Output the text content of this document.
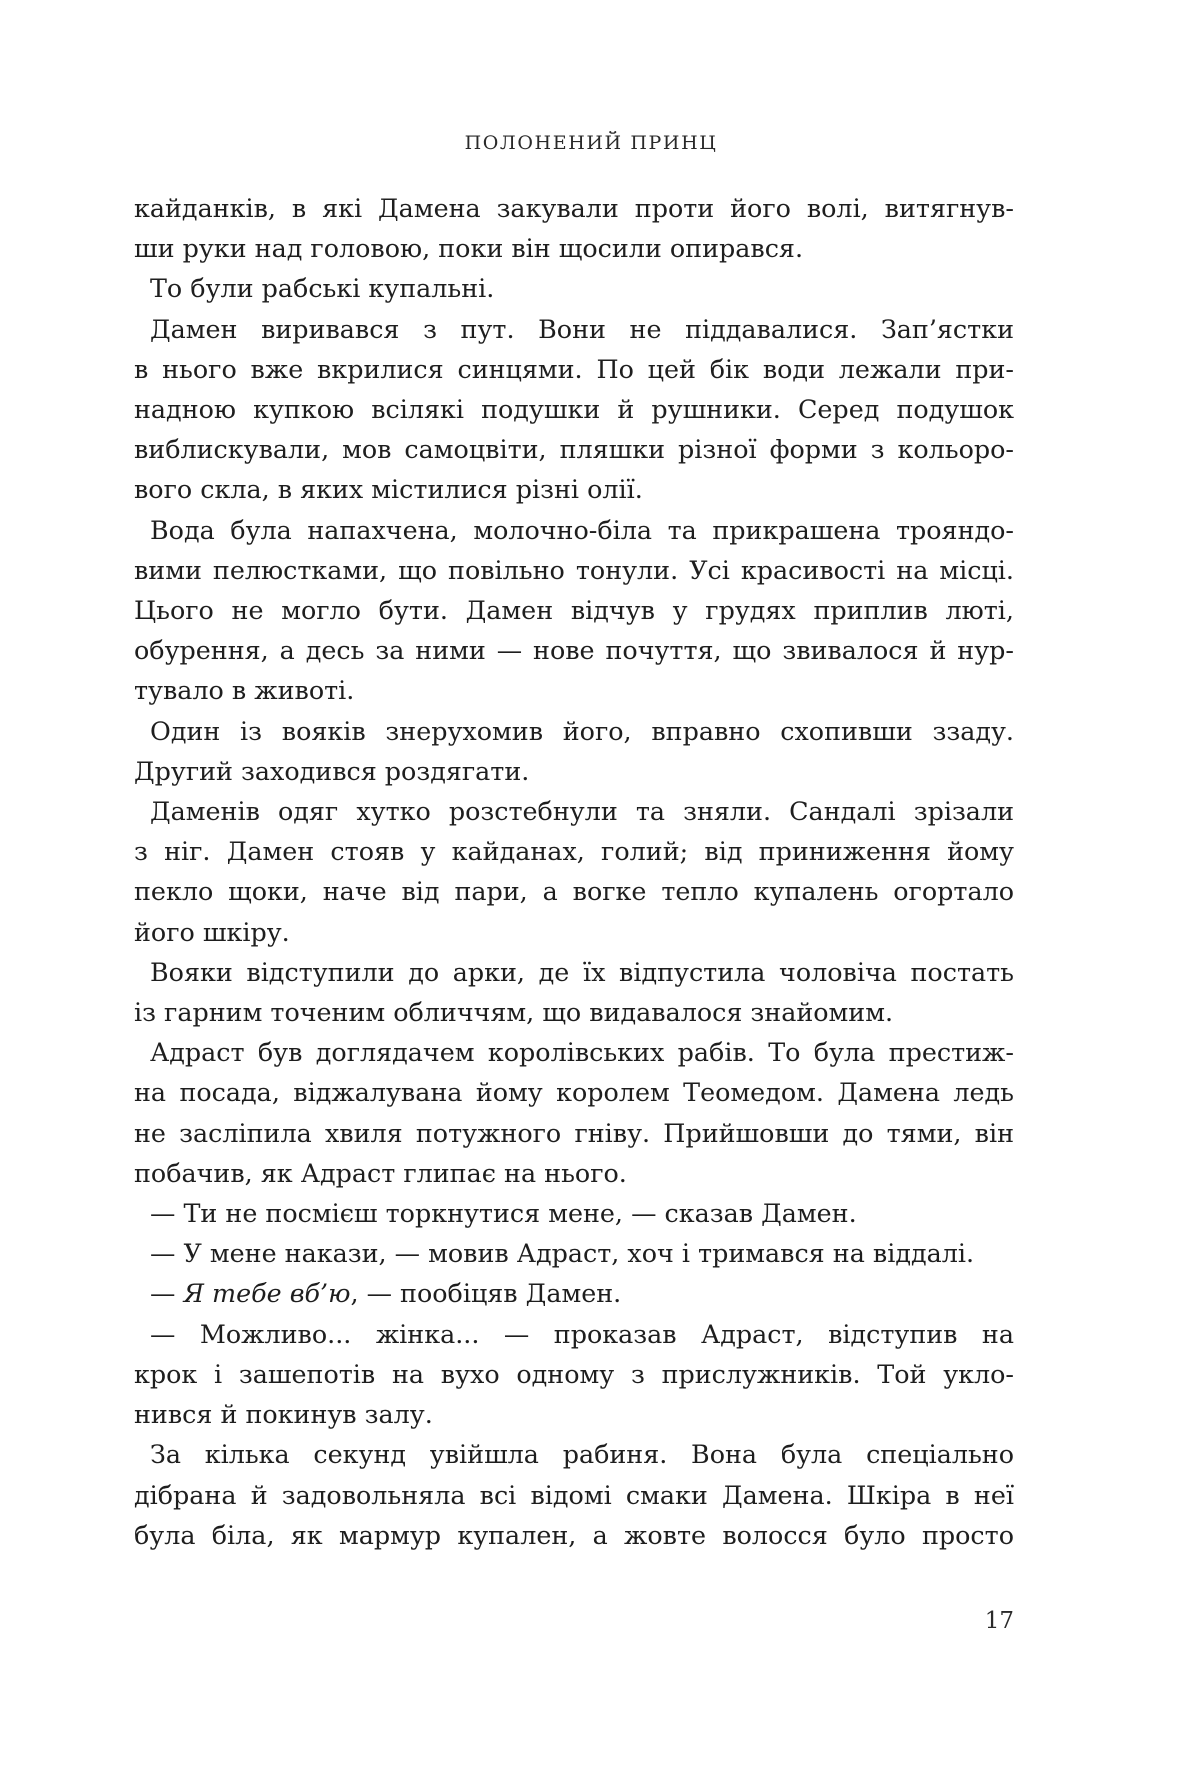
ПОЛОНЕНИЙ ПРИНЦ
кайданків, в які Дамена закували проти його волі, витягнув-
ши руки над головою, поки він щосили опирався.
То були рабські купальні.
Дамен виривався з пут. Вони не піддавалися. Зап’ястки
в нього вже вкрилися синцями. По цей бік води лежали при-
надною купкою всілякі подушки й рушники. Серед подушок
виблискували, мов самоцвіти, пляшки різної форми з кольоро-
вого скла, в яких містилися різні олії.
Вода була напахчена, молочно-біла та прикрашена трояндо-
вими пелюстками, що повільно тонули. Усі красивості на місці.
Цього не могло бути. Дамен відчув у грудях приплив люті,
обурення, а десь за ними — нове почуття, що звивалося й нур-
тувало в животі.
Один із вояків знерухомив його, вправно схопивши ззаду.
Другий заходився роздягати.
Даменів одяг хутко розстебнули та зняли. Сандалі зрізали
з ніг. Дамен стояв у кайданах, голий; від приниження йому
пекло щоки, наче від пари, а вогке тепло купалень огортало
його шкіру.
Вояки відступили до арки, де їх відпустила чоловіча постать
із гарним точеним обличчям, що видавалося знайомим.
Адраст був доглядачем королівських рабів. То була престиж-
на посада, віджалувана йому королем Теомедом. Дамена ледь
не засліпила хвиля потужного гніву. Прийшовши до тями, він
побачив, як Адраст глипає на нього.
— Ти не посмієш торкнутися мене, — сказав Дамен.
— У мене накази, — мовив Адраст, хоч і тримався на віддалі.
— Я тебе вб’ю, — пообіцяв Дамен.
— Можливо... жінка... — проказав Адраст, відступив на
крок і зашепотів на вухо одному з прислужників. Той укло-
нився й покинув залу.
За кілька секунд увійшла рабиня. Вона була спеціально
дібрана й задовольняла всі відомі смаки Дамена. Шкіра в неї
була біла, як мармур купален, а жовте волосся було просто
17
